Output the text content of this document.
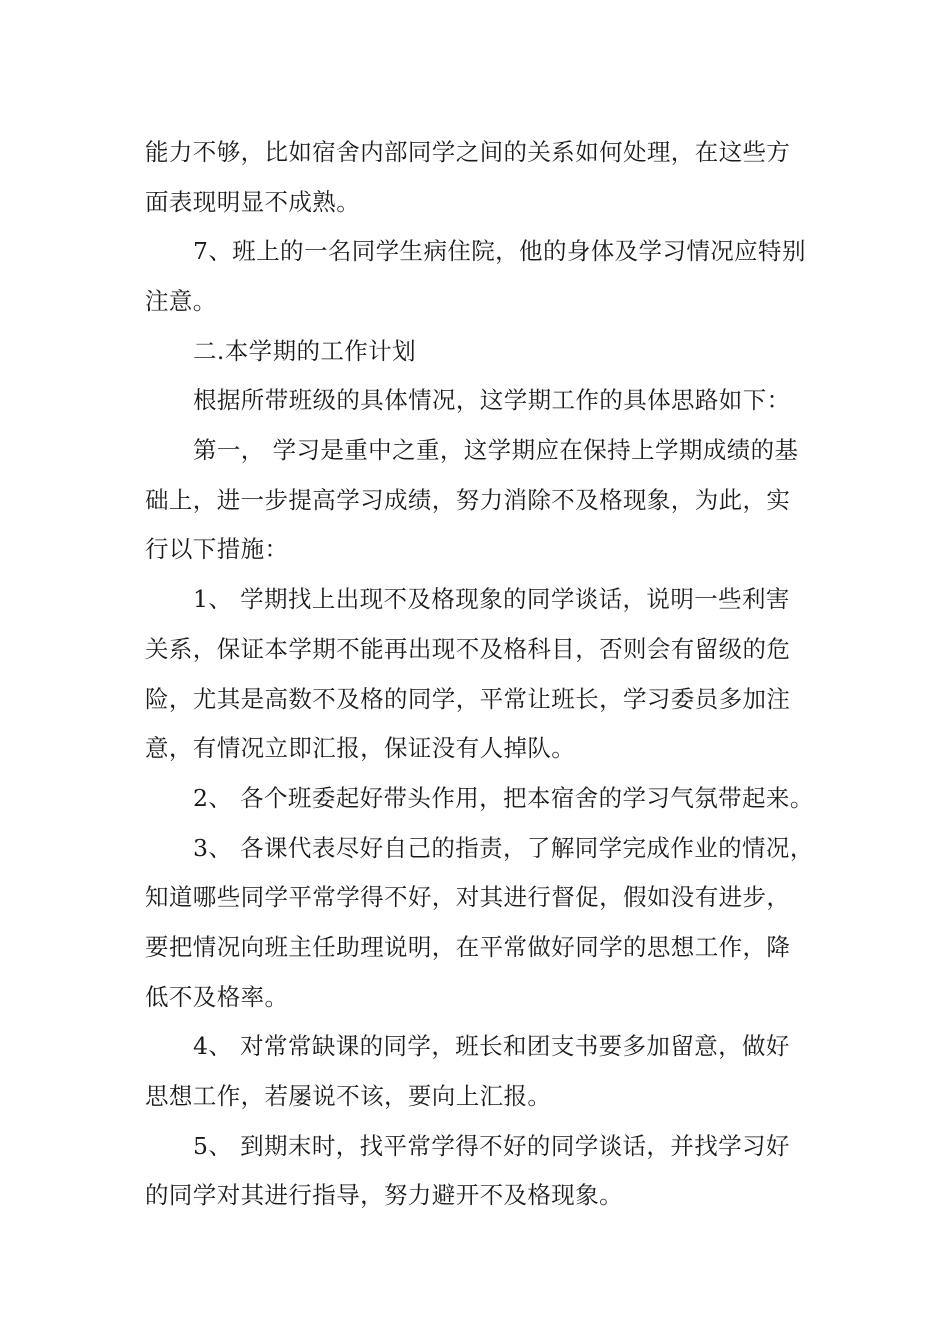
能力不够，比如宿舍内部同学之间的关系如何处理，在这些方
面表现明显不成熟。
7、班上的一名同学生病住院，他的身体及学习情况应特别
注意。
二.本学期的工作计划
根据所带班级的具体情况，这学期工作的具体思路如下：
第一， 学习是重中之重，这学期应在保持上学期成绩的基
础上，进一步提高学习成绩，努力消除不及格现象，为此，实
行以下措施：
1、 学期找上出现不及格现象的同学谈话，说明一些利害
关系，保证本学期不能再出现不及格科目，否则会有留级的危
险，尤其是高数不及格的同学，平常让班长，学习委员多加注
意，有情况立即汇报，保证没有人掉队。
2、 各个班委起好带头作用，把本宿舍的学习气氛带起来。
3、 各课代表尽好自己的指责，了解同学完成作业的情况，
知道哪些同学平常学得不好，对其进行督促，假如没有进步，
要把情况向班主任助理说明，在平常做好同学的思想工作，降
低不及格率。
4、 对常常缺课的同学，班长和团支书要多加留意，做好
思想工作，若屡说不该，要向上汇报。
5、 到期末时，找平常学得不好的同学谈话，并找学习好
的同学对其进行指导，努力避开不及格现象。
